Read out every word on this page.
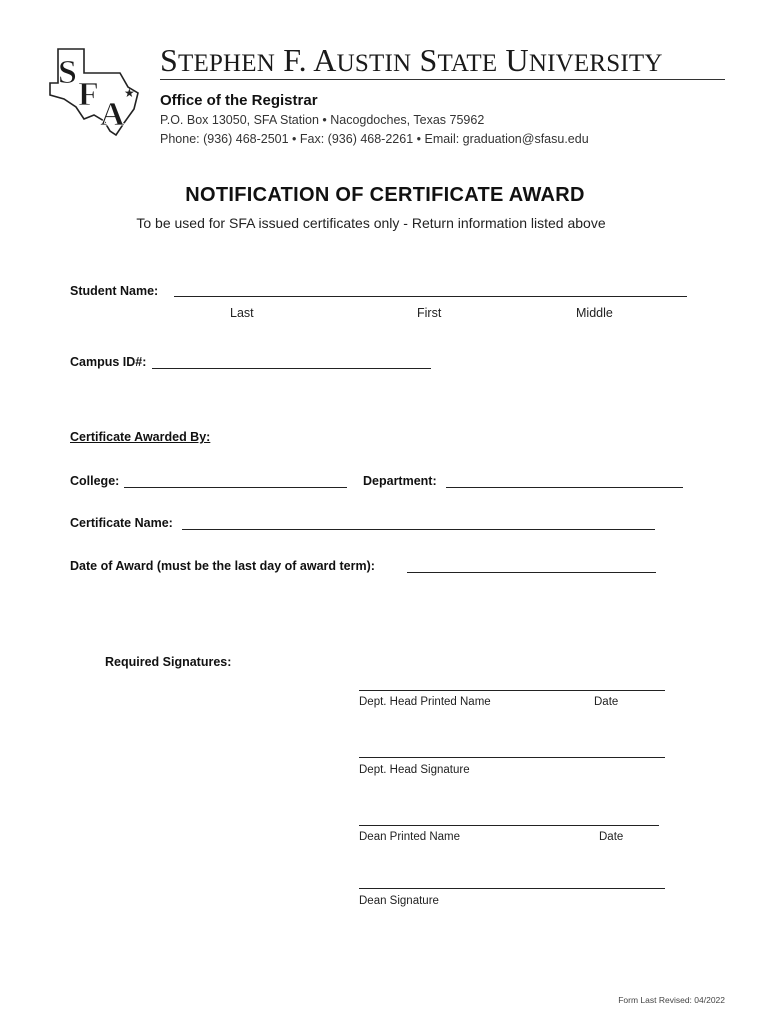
S
F
A
★
STEPHEN F. AUSTIN STATE UNIVERSITY
Office of the Registrar
P.O. Box 13050, SFA Station • Nacogdoches, Texas 75962
Phone: (936) 468-2501 • Fax: (936) 468-2261 • Email: graduation@sfasu.edu
NOTIFICATION OF CERTIFICATE AWARD
To be used for SFA issued certificates only - Return information listed above
Student Name:
Last	First	Middle
Campus ID#:
Certificate Awarded By:
College:	Department:
Certificate Name:
Date of Award (must be the last day of award term):
Required Signatures:
Dept. Head Printed Name	Date
Dept. Head Signature
Dean Printed Name	Date
Dean Signature
Form Last Revised: 04/2022
